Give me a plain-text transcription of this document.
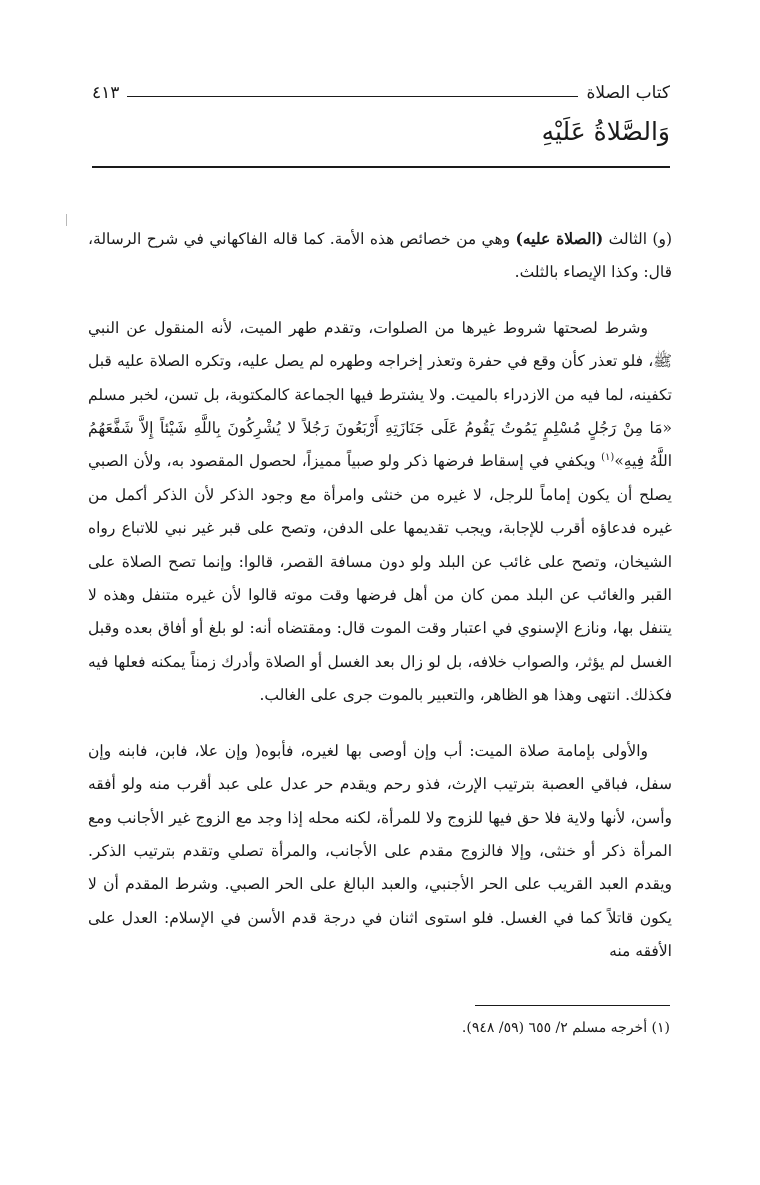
كتاب الصلاة
٤١٣
وَالصَّلاةُ عَلَيْهِ

(و) الثالث (الصلاة عليه) وهي من خصائص هذه الأمة. كما قاله الفاكهاني في شرح الرسالة، قال: وكذا الإيصاء بالثلث.

وشرط لصحتها شروط غيرها من الصلوات، وتقدم طهر الميت، لأنه المنقول عن النبي ﷺ، فلو تعذر كأن وقع في حفرة وتعذر إخراجه وطهره لم يصل عليه، وتكره الصلاة عليه قبل تكفينه، لما فيه من الازدراء بالميت. ولا يشترط فيها الجماعة كالمكتوبة، بل تسن، لخبر مسلم «مَا مِنْ رَجُلٍ مُسْلِمٍ يَمُوتُ يَقُومُ عَلَى جَنَازَتِهِ أَرْبَعُونَ رَجُلاً لا يُشْرِكُونَ بِاللَّهِ شَيْئاً إِلاَّ شَفَّعَهُمُ اللَّهُ فِيهِ»$^{(١)}$ ويكفي في إسقاط فرضها ذكر ولو صبياً مميزاً، لحصول المقصود به، ولأن الصبي يصلح أن يكون إماماً للرجل، لا غيره من خنثى وامرأة مع وجود الذكر لأن الذكر أكمل من غيره فدعاؤه أقرب للإجابة، ويجب تقديمها على الدفن، وتصح على قبر غير نبي للاتباع رواه الشيخان، وتصح على غائب عن البلد ولو دون مسافة القصر، قالوا: وإنما تصح الصلاة على القبر والغائب عن البلد ممن كان من أهل فرضها وقت موته قالوا لأن غيره متنفل وهذه لا يتنفل بها، ونازع الإسنوي في اعتبار وقت الموت قال: ومقتضاه أنه: لو بلغ أو أفاق بعده وقبل الغسل لم يؤثر، والصواب خلافه، بل لو زال بعد الغسل أو الصلاة وأدرك زمناً يمكنه فعلها فيه فكذلك. انتهى وهذا هو الظاهر، والتعبير بالموت جرى على الغالب.

والأولى بإمامة صلاة الميت: أب وإن أوصى بها لغيره، فأبوه( وإن علا، فابن، فابنه وإن سفل، فباقي العصبة بترتيب الإرث، فذو رحم ويقدم حر عدل على عبد أقرب منه ولو أفقه وأسن، لأنها ولاية فلا حق فيها للزوج ولا للمرأة، لكنه محله إذا وجد مع الزوج غير الأجانب ومع المرأة ذكر أو خنثى، وإلا فالزوج مقدم على الأجانب، والمرأة تصلي وتقدم بترتيب الذكر. ويقدم العبد القريب على الحر الأجنبي، والعبد البالغ على الحر الصبي. وشرط المقدم أن لا يكون قاتلاً كما في الغسل. فلو استوى اثنان في درجة قدم الأسن في الإسلام: العدل على الأفقه منه

(١) أخرجه مسلم ٢/ ٦٥٥ (٥٩/ ٩٤٨).
